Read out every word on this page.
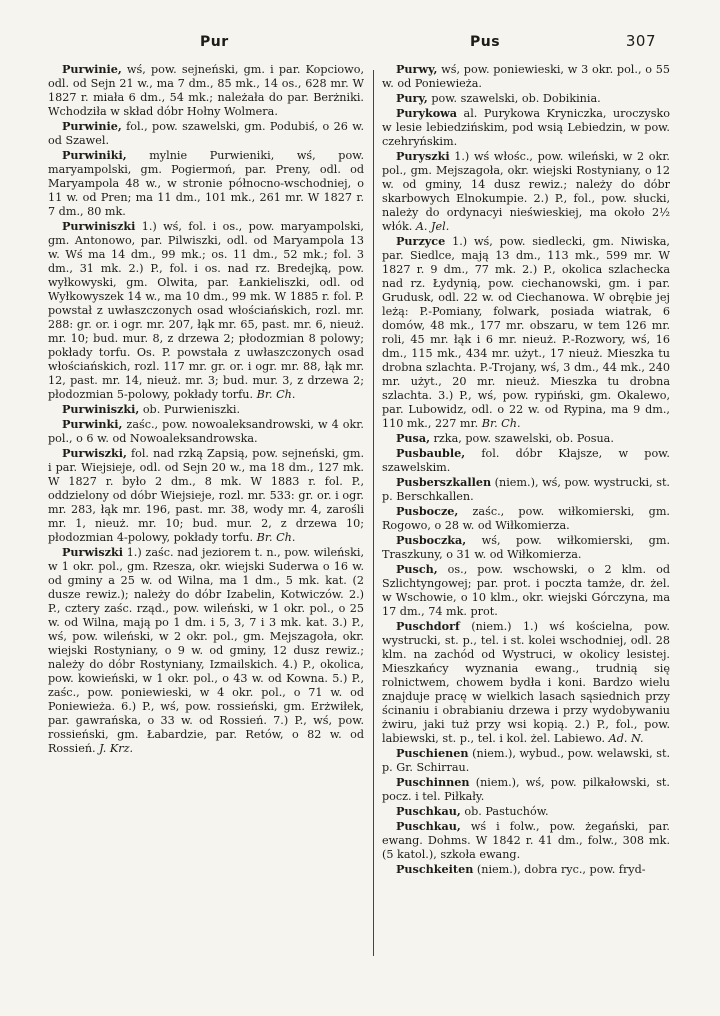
Pur	Pus	307

Purwinie, wś, pow. sejneński, gm. i par. Kopciowo, odl. od Sejn 21 w., ma 7 dm., 85 mk., 14 os., 628 mr. W 1827 r. miała 6 dm., 54 mk.; należała do par. Berżniki. Wchodziła w skład dóbr Hołny Wolmera.

Purwinie, fol., pow. szawelski, gm. Podubiś, o 26 w. od Szawel.

Purwiniki, mylnie Purwieniki, wś, pow. maryampolski, gm. Pogiermoń, par. Preny, odl. od Maryampola 48 w., w stronie północno-wschodniej, o 11 w. od Pren; ma 11 dm., 101 mk., 261 mr. W 1827 r. 7 dm., 80 mk.

Purwiniszki 1.) wś, fol. i os., pow. maryampolski, gm. Antonowo, par. Pilwiszki, odl. od Maryampola 13 w. Wś ma 14 dm., 99 mk.; os. 11 dm., 52 mk.; fol. 3 dm., 31 mk. 2.) P., fol. i os. nad rz. Bredejką, pow. wyłkowyski, gm. Olwita, par. Łankieliszki, odl. od Wyłkowyszek 14 w., ma 10 dm., 99 mk. W 1885 r. fol. P. powstał z uwłaszczonych osad włościańskich, rozl. mr. 288: gr. or. i ogr. mr. 207, łąk mr. 65, past. mr. 6, nieuż. mr. 10; bud. mur. 8, z drzewa 2; płodozmian 8 polowy; pokłady torfu. Os. P. powstała z uwłaszczonych osad włościańskich, rozl. 117 mr. gr. or. i ogr. mr. 88, łąk mr. 12, past. mr. 14, nieuż. mr. 3; bud. mur. 3, z drzewa 2; płodozmian 5-polowy, pokłady torfu. Br. Ch.

Purwiniszki, ob. Purwieniszki.

Purwinki, zaśc., pow. nowoaleksandrowski, w 4 okr. pol., o 6 w. od Nowoaleksandrowska.

Purwiszki, fol. nad rzką Zapsią, pow. sejneński, gm. i par. Wiejsieje, odl. od Sejn 20 w., ma 18 dm., 127 mk. W 1827 r. było 2 dm., 8 mk. W 1883 r. fol. P., oddzielony od dóbr Wiejsieje, rozl. mr. 533: gr. or. i ogr. mr. 283, łąk mr. 196, past. mr. 38, wody mr. 4, zarośli mr. 1, nieuż. mr. 10; bud. mur. 2, z drzewa 10; płodozmian 4-polowy, pokłady torfu. Br. Ch.

Purwiszki 1.) zaśc. nad jeziorem t. n., pow. wileński, w 1 okr. pol., gm. Rzesza, okr. wiejski Suderwa o 16 w. od gminy a 25 w. od Wilna, ma 1 dm., 5 mk. kat. (2 dusze rewiz.); należy do dóbr Izabelin, Kotwiczów. 2.) P., cztery zaśc. rząd., pow. wileński, w 1 okr. pol., o 25 w. od Wilna, mają po 1 dm. i 5, 3, 7 i 3 mk. kat. 3.) P., wś, pow. wileński, w 2 okr. pol., gm. Mejszagoła, okr. wiejski Rostyniany, o 9 w. od gminy, 12 dusz rewiz.; należy do dóbr Rostyniany, Izmailskich. 4.) P., okolica, pow. kowieński, w 1 okr. pol., o 43 w. od Kowna. 5.) P., zaśc., pow. poniewieski, w 4 okr. pol., o 71 w. od Poniewieża. 6.) P., wś, pow. rossieński, gm. Erżwiłek, par. gawrańska, o 33 w. od Rossień. 7.) P., wś, pow. rossieński, gm. Łabardzie, par. Retów, o 82 w. od Rossień. J. Krz.

Purwy, wś, pow. poniewieski, w 3 okr. pol., o 55 w. od Poniewieża.

Pury, pow. szawelski, ob. Dobikinia.

Purykowa al. Purykowa Kryniczka, uroczysko w lesie lebiedzińskim, pod wsią Lebiedzin, w pow. czehryńskim.

Puryszki 1.) wś włośc., pow. wileński, w 2 okr. pol., gm. Mejszagoła, okr. wiejski Rostyniany, o 12 w. od gminy, 14 dusz rewiz.; należy do dóbr skarbowych Elnokumpie. 2.) P., fol., pow. słucki, należy do ordynacyi nieświeskiej, ma około 2½ włók. A. Jel.

Purzyce 1.) wś, pow. siedlecki, gm. Niwiska, par. Siedlce, mają 13 dm., 113 mk., 599 mr. W 1827 r. 9 dm., 77 mk. 2.) P., okolica szlachecka nad rz. Łydynią, pow. ciechanowski, gm. i par. Grudusk, odl. 22 w. od Ciechanowa. W obrębie jej leżą: P.-Pomiany, folwark, posiada wiatrak, 6 domów, 48 mk., 177 mr. obszaru, w tem 126 mr. roli, 45 mr. łąk i 6 mr. nieuż. P.-Rozwory, wś, 16 dm., 115 mk., 434 mr. użyt., 17 nieuż. Mieszka tu drobna szlachta. P.-Trojany, wś, 3 dm., 44 mk., 240 mr. użyt., 20 mr. nieuż. Mieszka tu drobna szlachta. 3.) P., wś, pow. rypiński, gm. Okalewo, par. Lubowidz, odl. o 22 w. od Rypina, ma 9 dm., 110 mk., 227 mr. Br. Ch.

Pusa, rzka, pow. szawelski, ob. Posua.

Pusbauble, fol. dóbr Kłajsze, w pow. szawelskim.

Pusberszkallen (niem.), wś, pow. wystrucki, st. p. Berschkallen.

Pusbocze, zaśc., pow. wiłkomierski, gm. Rogowo, o 28 w. od Wiłkomierza.

Pusboczka, wś, pow. wiłkomierski, gm. Traszkuny, o 31 w. od Wiłkomierza.

Pusch, os., pow. wschowski, o 2 klm. od Szlichtyngowej; par. prot. i poczta tamże, dr. żel. w Wschowie, o 10 klm., okr. wiejski Górczyna, ma 17 dm., 74 mk. prot.

Puschdorf (niem.) 1.) wś kościelna, pow. wystrucki, st. p., tel. i st. kolei wschodniej, odl. 28 klm. na zachód od Wystruci, w okolicy lesistej. Mieszkańcy wyznania ewang., trudnią się rolnictwem, chowem bydła i koni. Bardzo wielu znajduje pracę w wielkich lasach sąsiednich przy ścinaniu i obrabianiu drzewa i przy wydobywaniu żwiru, jaki tuż przy wsi kopią. 2.) P., fol., pow. labiewski, st. p., tel. i kol. żel. Labiewo. Ad. N.

Puschienen (niem.), wybud., pow. welawski, st. p. Gr. Schirrau.

Puschinnen (niem.), wś, pow. pilkałowski, st. pocz. i tel. Piłkały.

Puschkau, ob. Pastuchów.

Puschkau, wś i folw., pow. żegański, par. ewang. Dohms. W 1842 r. 41 dm., folw., 308 mk. (5 katol.), szkoła ewang.

Puschkeiten (niem.), dobra ryc., pow. fryd-
